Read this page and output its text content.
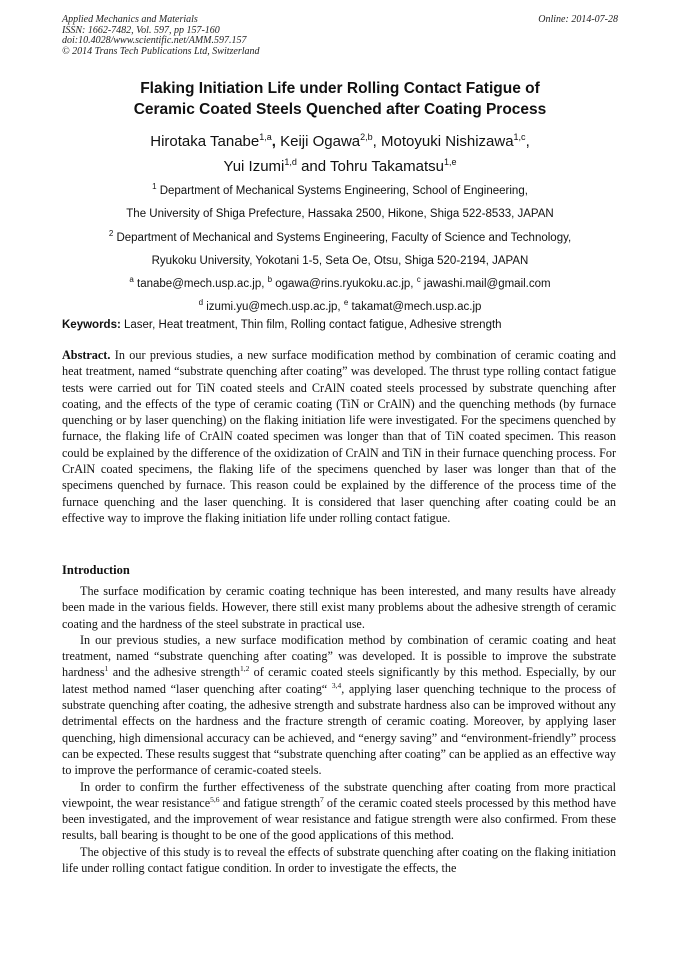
Applied Mechanics and Materials	Online: 2014-07-28
ISSN: 1662-7482, Vol. 597, pp 157-160
doi:10.4028/www.scientific.net/AMM.597.157
© 2014 Trans Tech Publications Ltd, Switzerland
Flaking Initiation Life under Rolling Contact Fatigue of
Ceramic Coated Steels Quenched after Coating Process
Hirotaka Tanabe$^{1,a}$, Keiji Ogawa$^{2,b}$, Motoyuki Nishizawa$^{1,c}$,
Yui Izumi$^{1,d}$ and Tohru Takamatsu$^{1,e}$
$^1$ Department of Mechanical Systems Engineering, School of Engineering,
The University of Shiga Prefecture, Hassaka 2500, Hikone, Shiga 522-8533, JAPAN
$^2$ Department of Mechanical and Systems Engineering, Faculty of Science and Technology,
Ryukoku University, Yokotani 1-5, Seta Oe, Otsu, Shiga 520-2194, JAPAN
$^a$ tanabe@mech.usp.ac.jp, $^b$ ogawa@rins.ryukoku.ac.jp, $^c$ jawashi.mail@gmail.com
$^d$ izumi.yu@mech.usp.ac.jp, $^e$ takamat@mech.usp.ac.jp
Keywords: Laser, Heat treatment, Thin film, Rolling contact fatigue, Adhesive strength
Abstract. In our previous studies, a new surface modification method by combination of ceramic coating and heat treatment, named “substrate quenching after coating” was developed. The thrust type rolling contact fatigue tests were carried out for TiN coated steels and CrAlN coated steels processed by substrate quenching after coating, and the effects of the type of ceramic coating (TiN or CrAlN) and the quenching methods (by furnace quenching or by laser quenching) on the flaking initiation life were investigated. For the specimens quenched by furnace, the flaking life of CrAlN coated specimen was longer than that of TiN coated specimen. This reason could be explained by the difference of the oxidization of CrAlN and TiN in their furnace quenching process. For CrAlN coated specimens, the flaking life of the specimens quenched by laser was longer than that of the specimens quenched by furnace. This reason could be explained by the difference of the process time of the furnace quenching and the laser quenching. It is considered that laser quenching after coating could be an effective way to improve the flaking initiation life under rolling contact fatigue.
Introduction

The surface modification by ceramic coating technique has been interested, and many results have already been made in the various fields. However, there still exist many problems about the adhesive strength of ceramic coating and the hardness of the steel substrate in practical use.

In our previous studies, a new surface modification method by combination of ceramic coating and heat treatment, named “substrate quenching after coating” was developed. It is possible to improve the substrate hardness$^1$ and the adhesive strength$^{1,2}$ of ceramic coated steels significantly by this method. Especially, by our latest method named “laser quenching after coating“ $^{3,4}$, applying laser quenching technique to the process of substrate quenching after coating, the adhesive strength and substrate hardness also can be improved without any detrimental effects on the hardness and the fracture strength of ceramic coating. Moreover, by applying laser quenching, high dimensional accuracy can be achieved, and “energy saving” and “environment-friendly” process can be expected. These results suggest that “substrate quenching after coating” can be applied as an effective way to improve the performance of ceramic-coated steels.

In order to confirm the further effectiveness of the substrate quenching after coating from more practical viewpoint, the wear resistance$^{5,6}$ and fatigue strength$^7$ of the ceramic coated steels processed by this method have been investigated, and the improvement of wear resistance and fatigue strength were also confirmed. From these results, ball bearing is thought to be one of the good applications of this method.

The objective of this study is to reveal the effects of substrate quenching after coating on the flaking initiation life under rolling contact fatigue condition. In order to investigate the effects, the
